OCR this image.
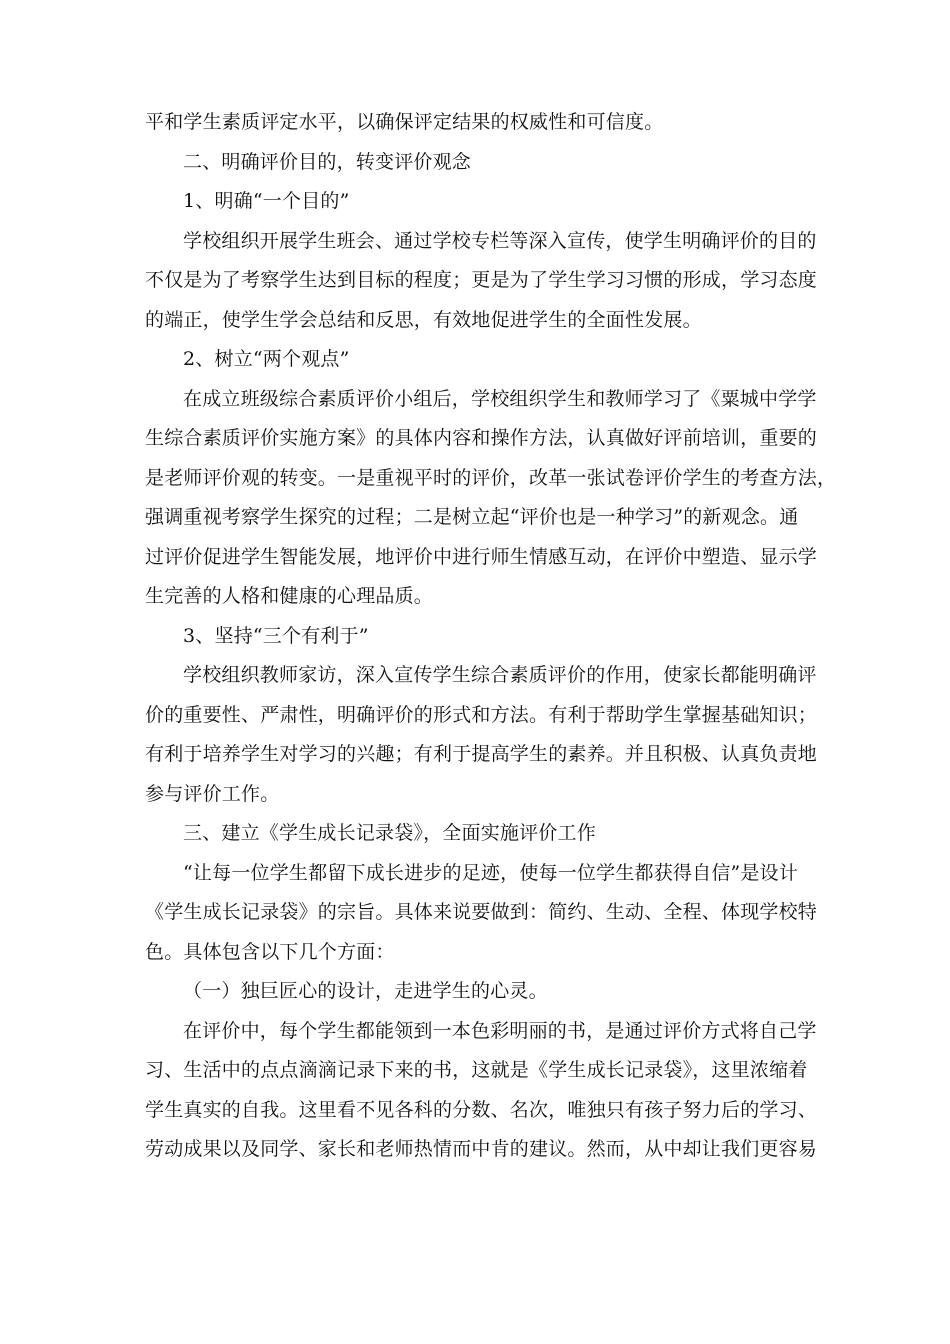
平和学生素质评定水平，以确保评定结果的权威性和可信度。
二、明确评价目的，转变评价观念
1、明确“一个目的”
学校组织开展学生班会、通过学校专栏等深入宣传，使学生明确评价的目的
不仅是为了考察学生达到目标的程度；更是为了学生学习习惯的形成，学习态度
的端正，使学生学会总结和反思，有效地促进学生的全面性发展。
2、树立“两个观点”
在成立班级综合素质评价小组后，学校组织学生和教师学习了《粟城中学学
生综合素质评价实施方案》的具体内容和操作方法，认真做好评前培训，重要的
是老师评价观的转变。一是重视平时的评价，改革一张试卷评价学生的考查方法，
强调重视考察学生探究的过程；二是树立起“评价也是一种学习”的新观念。通
过评价促进学生智能发展，地评价中进行师生情感互动，在评价中塑造、显示学
生完善的人格和健康的心理品质。
3、坚持“三个有利于”
学校组织教师家访，深入宣传学生综合素质评价的作用，使家长都能明确评
价的重要性、严肃性，明确评价的形式和方法。有利于帮助学生掌握基础知识；
有利于培养学生对学习的兴趣；有利于提高学生的素养。并且积极、认真负责地
参与评价工作。
三、建立《学生成长记录袋》，全面实施评价工作
“让每一位学生都留下成长进步的足迹，使每一位学生都获得自信”是设计
《学生成长记录袋》的宗旨。具体来说要做到：简约、生动、全程、体现学校特
色。具体包含以下几个方面：
（一）独巨匠心的设计，走进学生的心灵。
在评价中，每个学生都能领到一本色彩明丽的书，是通过评价方式将自己学
习、生活中的点点滴滴记录下来的书，这就是《学生成长记录袋》，这里浓缩着
学生真实的自我。这里看不见各科的分数、名次，唯独只有孩子努力后的学习、
劳动成果以及同学、家长和老师热情而中肯的建议。然而，从中却让我们更容易
